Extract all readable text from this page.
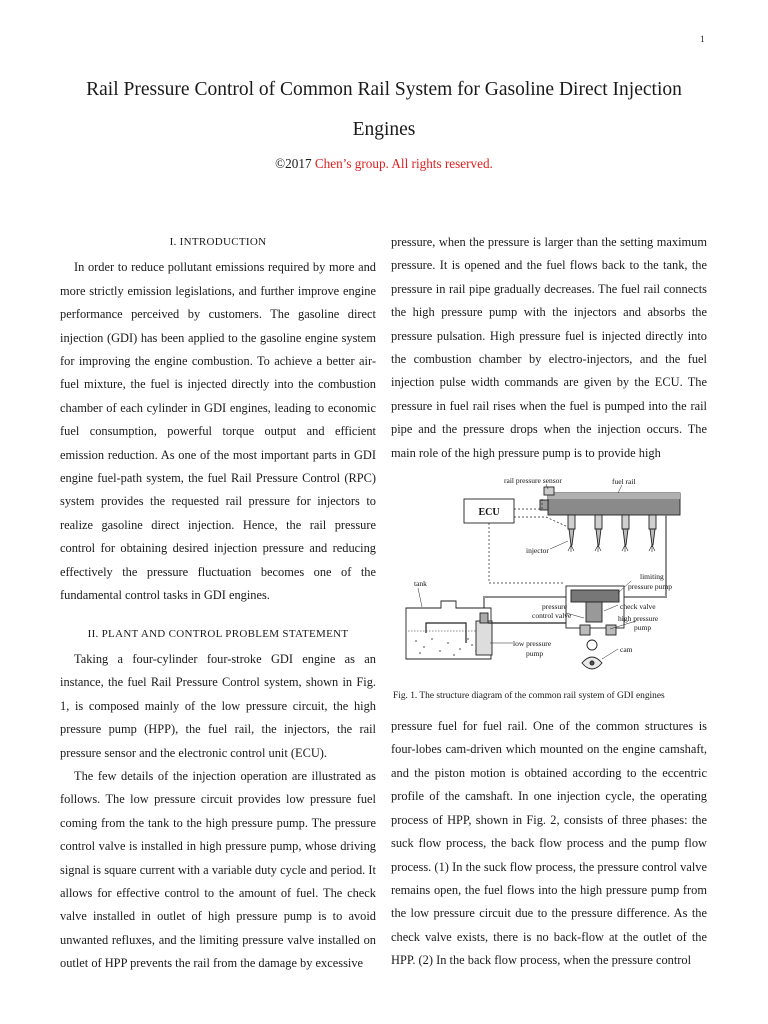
1
Rail Pressure Control of Common Rail System for Gasoline Direct Injection Engines
©2017 Chen’s group. All rights reserved.

I. INTRODUCTION

In order to reduce pollutant emissions required by more and more strictly emission legislations, and further improve engine performance perceived by customers. The gasoline direct injection (GDI) has been applied to the gasoline engine system for improving the engine combustion. To achieve a better air-fuel mixture, the fuel is injected directly into the combustion chamber of each cylinder in GDI engines, leading to economic fuel consumption, powerful torque output and efficient emission reduction. As one of the most important parts in GDI engine fuel-path system, the fuel Rail Pressure Control (RPC) system provides the requested rail pressure for injectors to realize gasoline direct injection. Hence, the rail pressure control for obtaining desired injection pressure and reducing effectively the pressure fluctuation becomes one of the fundamental control tasks in GDI engines.

II. PLANT AND CONTROL PROBLEM STATEMENT

Taking a four-cylinder four-stroke GDI engine as an instance, the fuel Rail Pressure Control system, shown in Fig. 1, is composed mainly of the low pressure circuit, the high pressure pump (HPP), the fuel rail, the injectors, the rail pressure sensor and the electronic control unit (ECU).

The few details of the injection operation are illustrated as follows. The low pressure circuit provides low pressure fuel coming from the tank to the high pressure pump. The pressure control valve is installed in high pressure pump, whose driving signal is square current with a variable duty cycle and period. It allows for effective control to the amount of fuel. The check valve installed in outlet of high pressure pump is to avoid unwanted refluxes, and the limiting pressure valve installed on outlet of HPP prevents the rail from the damage by excessive

pressure, when the pressure is larger than the setting maximum pressure. It is opened and the fuel flows back to the tank, the pressure in rail pipe gradually decreases. The fuel rail connects the high pressure pump with the injectors and absorbs the pressure pulsation. High pressure fuel is injected directly into the combustion chamber by electro-injectors, and the fuel injection pulse width commands are given by the ECU. The pressure in fuel rail rises when the fuel is pumped into the rail pipe and the pressure drops when the injection occurs. The main role of the high pressure pump is to provide high

ECU
rail pressure sensor	fuel rail
injector
tank
limiting
pressure pump
pressure
control valve
check valve
high pressure
pump
low pressure
pump	cam

Fig. 1. The structure diagram of the common rail system of GDI engines

pressure fuel for fuel rail. One of the common structures is four-lobes cam-driven which mounted on the engine camshaft, and the piston motion is obtained according to the eccentric profile of the camshaft. In one injection cycle, the operating process of HPP, shown in Fig. 2, consists of three phases: the suck flow process, the back flow process and the pump flow process. (1) In the suck flow process, the pressure control valve remains open, the fuel flows into the high pressure pump from the low pressure circuit due to the pressure difference. As the check valve exists, there is no back-flow at the outlet of the HPP. (2) In the back flow process, when the pressure control
